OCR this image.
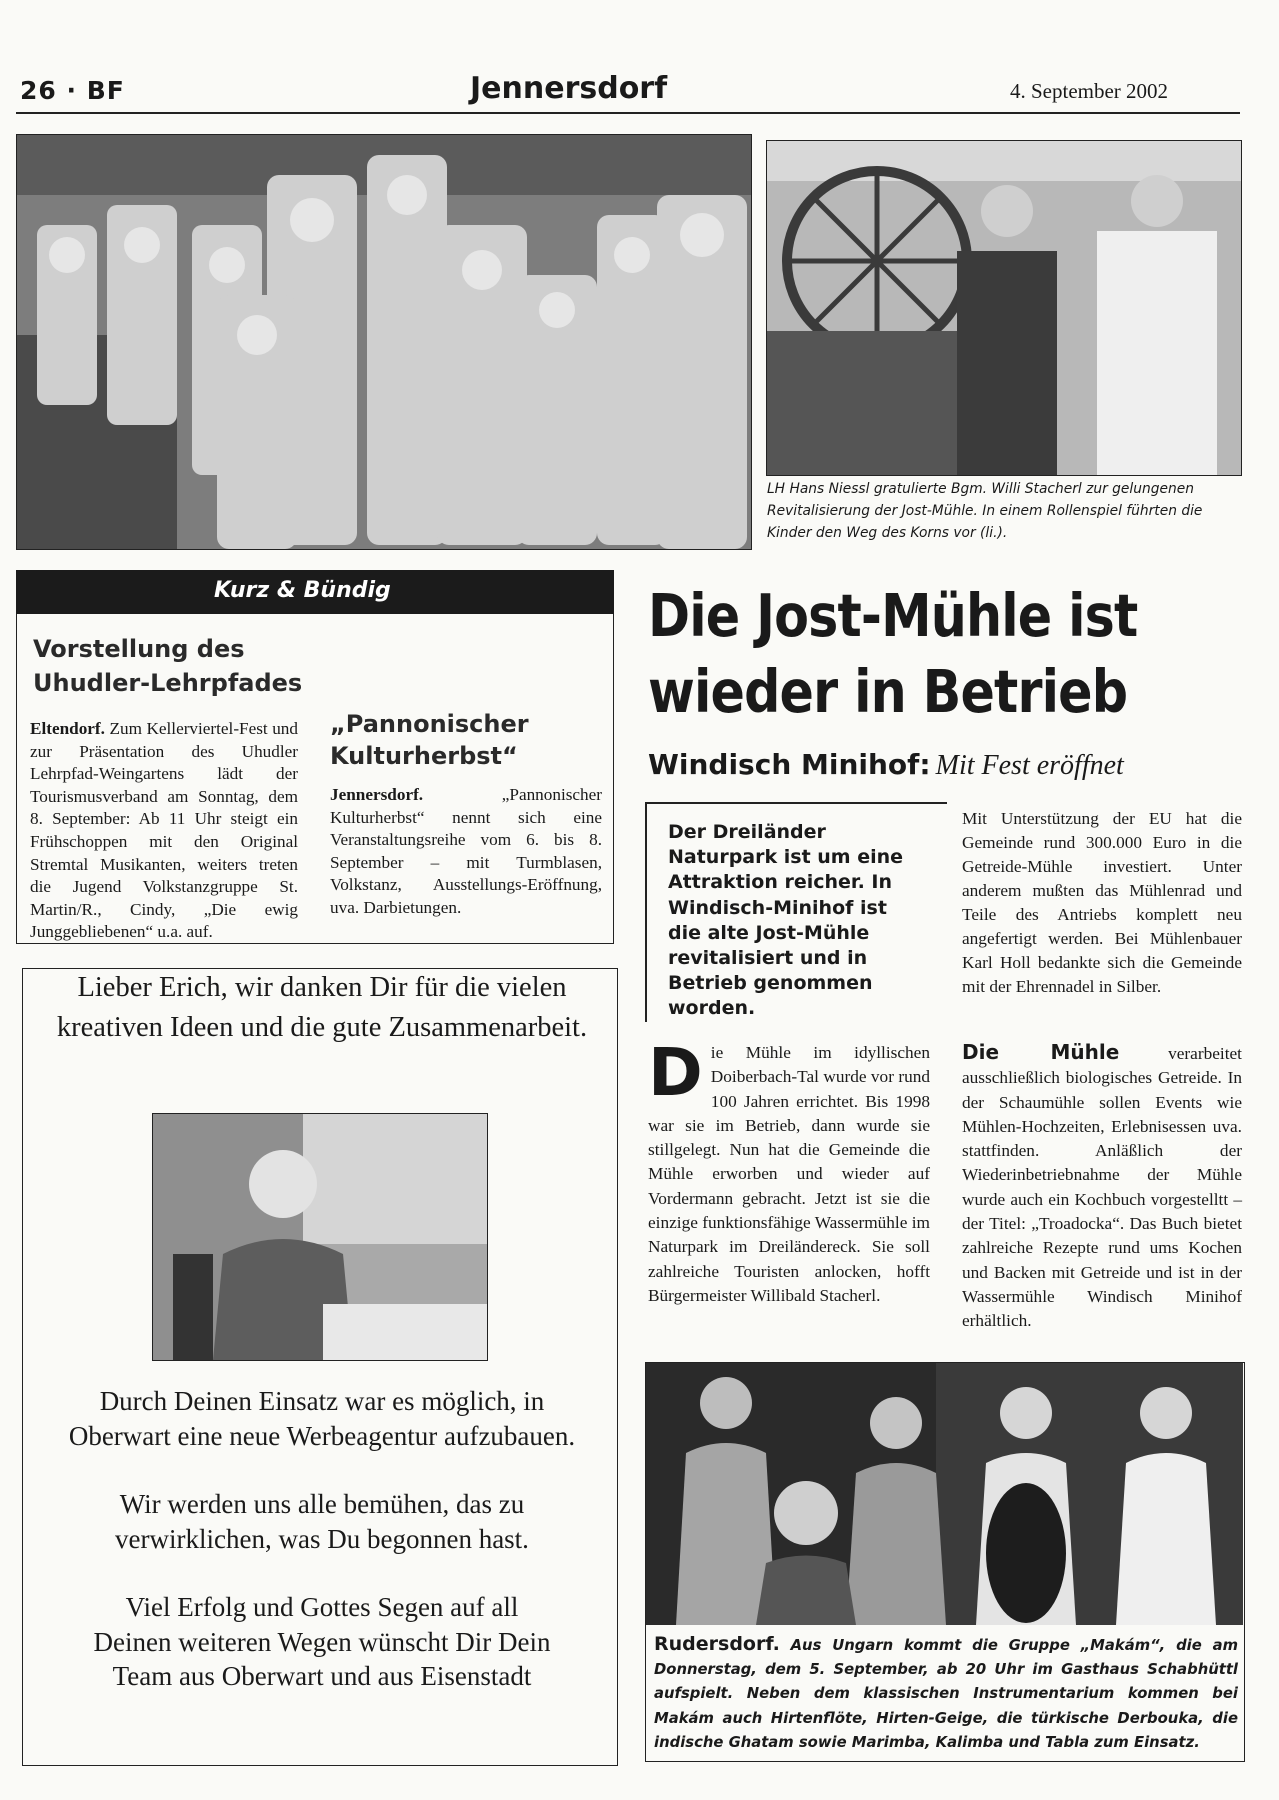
26 · BF	Jennersdorf	4. September 2002
LH Hans Niessl gratulierte Bgm. Willi Stacherl zur gelungenen Revitalisierung der Jost-Mühle. In einem Rollenspiel führten die Kinder den Weg des Korns vor (li.).
Kurz & Bündig
Vorstellung des Uhudler-Lehrpfades
Eltendorf. Zum Kellerviertel-Fest und zur Präsentation des Uhudler Lehrpfad-Weingartens lädt der Tourismusverband am Sonntag, dem 8. September: Ab 11 Uhr steigt ein Frühschoppen mit den Original Stremtal Musikanten, weiters treten die Jugend Volkstanzgruppe St. Martin/R., Cindy, „Die ewig Junggebliebenen“ u.a. auf.
„Pannonischer Kulturherbst“
Jennersdorf.	„Pannonischer Kulturherbst“ nennt sich eine Veranstaltungsreihe vom 6. bis 8. September – mit Turmblasen, Volkstanz, Ausstellungs-Eröffnung, uva. Darbietungen.
Lieber Erich, wir danken Dir für die vielen kreativen Ideen und die gute Zusammenarbeit.
Durch Deinen Einsatz war es möglich, in Oberwart eine neue Werbeagentur aufzubauen.
Wir werden uns alle bemühen, das zu verwirklichen, was Du begonnen hast.
Viel Erfolg und Gottes Segen auf all Deinen weiteren Wegen wünscht Dir Dein Team aus Oberwart und aus Eisenstadt
Die Jost-Mühle ist wieder in Betrieb
Windisch Minihof: Mit Fest eröffnet
Der Dreiländer Naturpark ist um eine Attraktion reicher. In Windisch-Minihof ist die alte Jost-Mühle revitalisiert und in Betrieb genommen worden.
Mit Unterstützung der EU hat die Gemeinde rund 300.000 Euro in die Getreide-Mühle investiert. Unter anderem mußten das Mühlenrad und Teile des Antriebs komplett neu angefertigt werden. Bei Mühlenbauer Karl Holl bedankte sich die Gemeinde mit der Ehrennadel in Silber.
D ie Mühle im idyllischen Doiberbach-Tal wurde vor rund 100 Jahren errichtet. Bis 1998 war sie im Betrieb, dann wurde sie stillgelegt. Nun hat die Gemeinde die Mühle erworben und wieder auf Vordermann gebracht. Jetzt ist sie die einzige funktionsfähige Wassermühle im Naturpark im Dreiländereck. Sie soll zahlreiche Touristen anlocken, hofft Bürgermeister Willibald Stacherl.
Die Mühle	verarbeitet ausschließlich biologisches Getreide. In der Schaumühle sollen Events wie Mühlen-Hochzeiten, Erlebnisessen uva. stattfinden. Anläßlich der Wiederinbetriebnahme der Mühle wurde auch ein Kochbuch vorgestelltt – der Titel: „Troadocka“. Das Buch bietet zahlreiche Rezepte rund ums Kochen und Backen mit Getreide und ist in der Wassermühle Windisch Minihof erhältlich.
Rudersdorf. Aus Ungarn kommt die Gruppe „Makám“, die am Donnerstag, dem 5. September, ab 20 Uhr im Gasthaus Schabhüttl aufspielt. Neben dem klassischen Instrumentarium kommen bei Makám auch Hirtenflöte, Hirten-Geige, die türkische Derbouka, die indische Ghatam sowie Marimba, Kalimba und Tabla zum Einsatz.
